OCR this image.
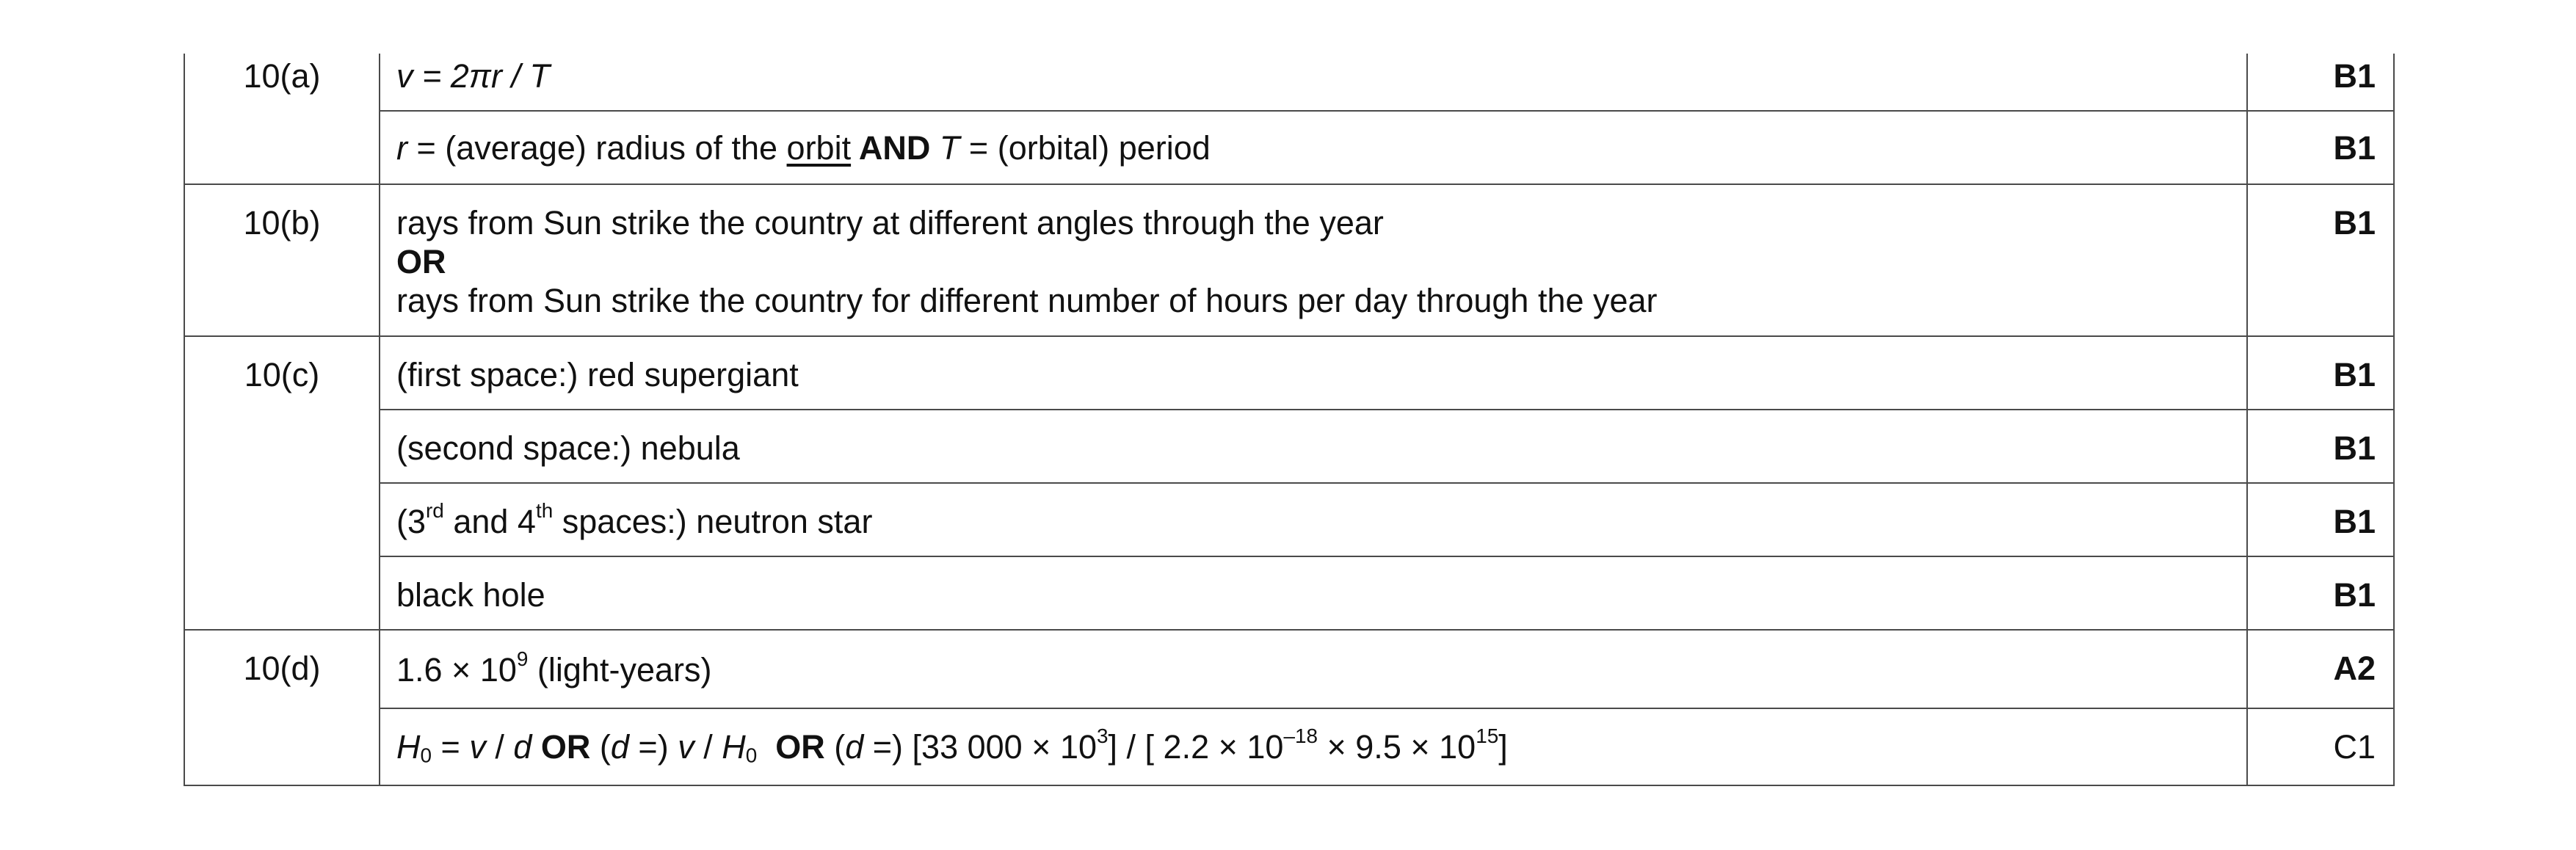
10(a)	v = 2πr / T	B1
	r = (average) radius of the orbit AND T = (orbital) period	B1
10(b)	rays from Sun strike the country at different angles through the year
OR
rays from Sun strike the country for different number of hours per day through the year	B1
10(c)	(first space:) red supergiant	B1
	(second space:) nebula	B1
	(3rd and 4th spaces:) neutron star	B1
	black hole	B1
10(d)	$1.6 \times 10^9$ (light-years)	A2
	$H_0 = v / d$ OR (d =) v / $H_0$  OR (d =) [33 $000 \times 10^3$] / [ $2.2 \times 10^{-18} \times 9.5 \times 10^{15}$]	C1
